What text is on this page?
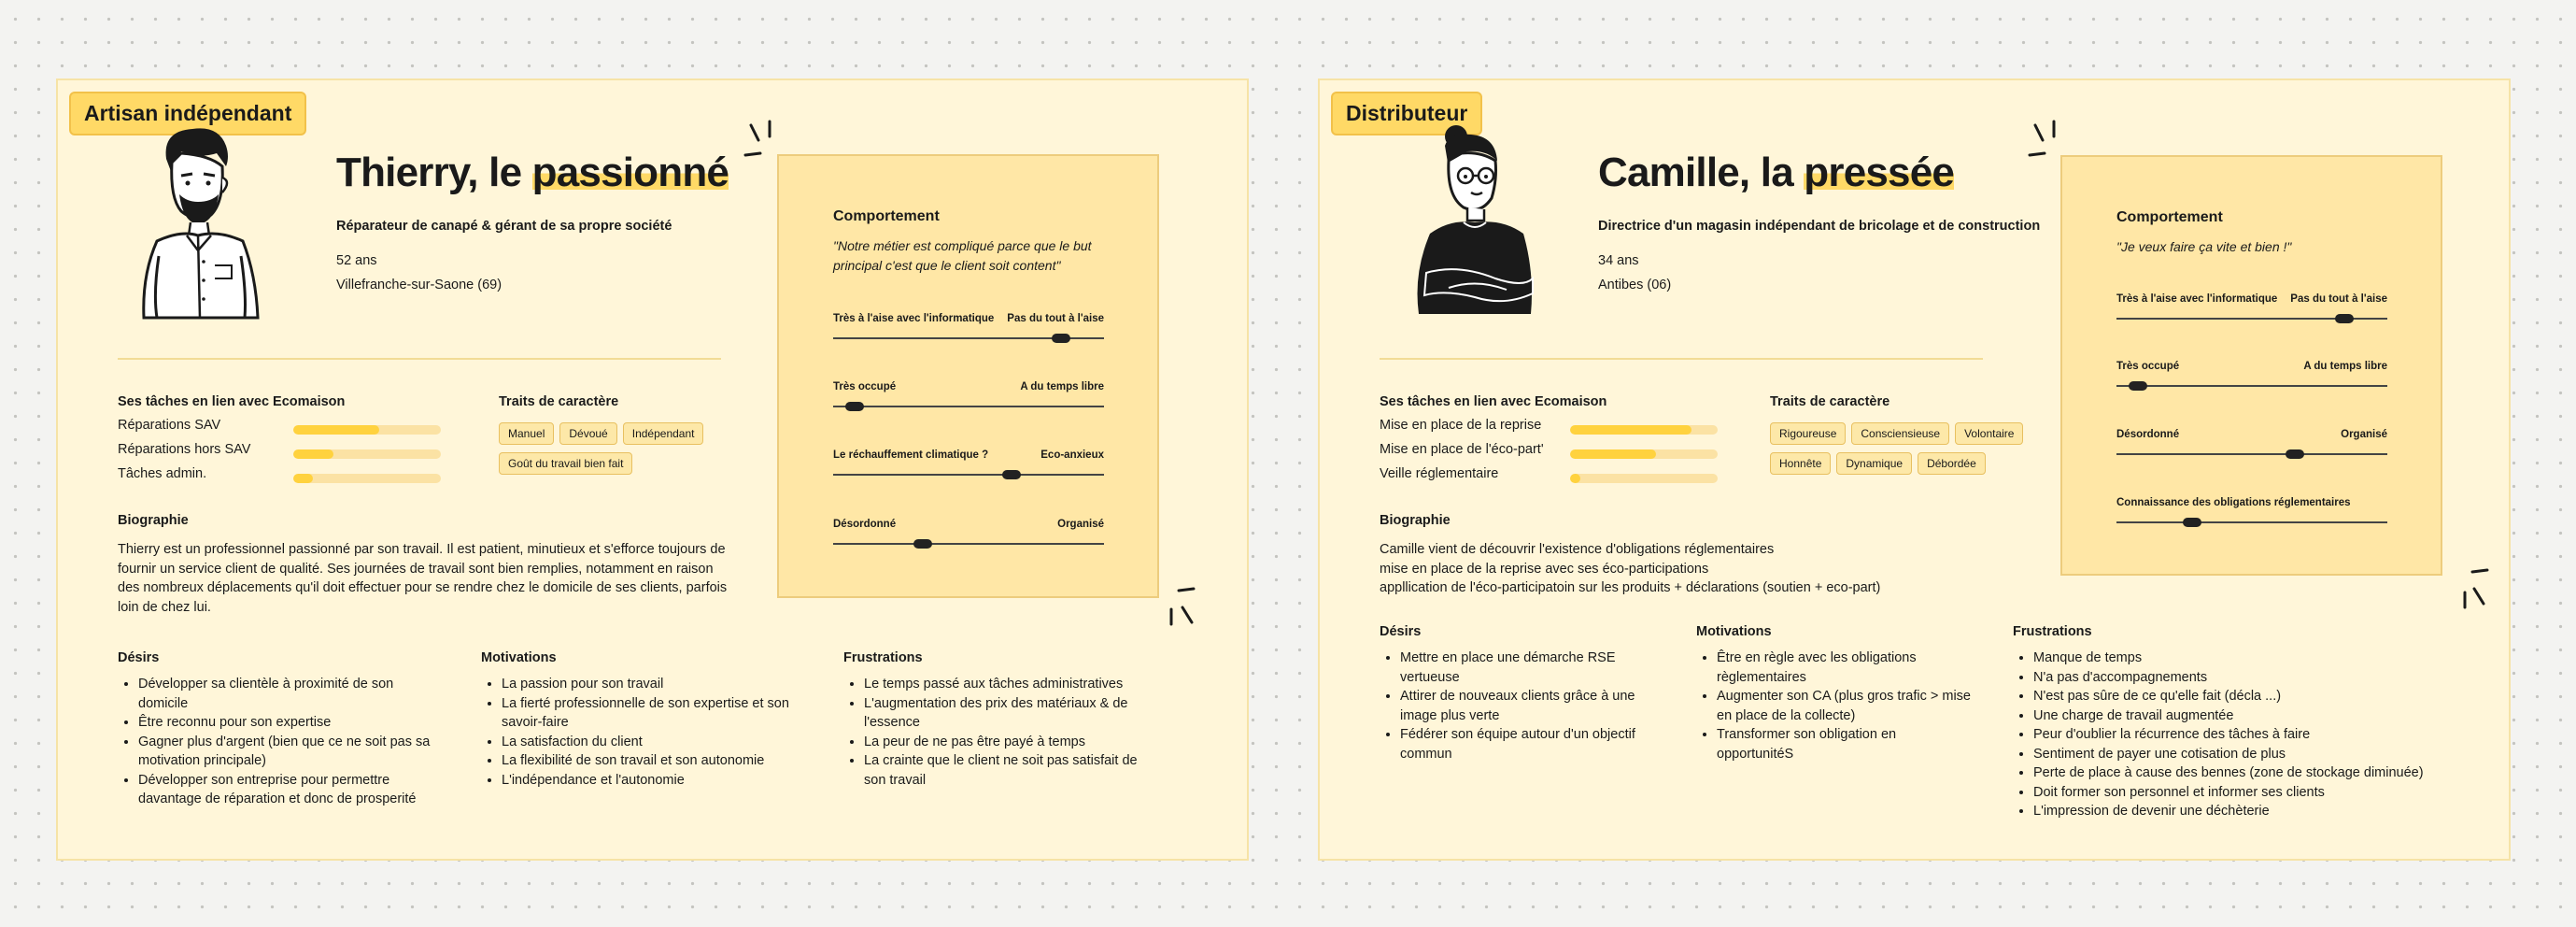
Artisan indépendant
Thierry, le passionné
Réparateur de canapé & gérant de sa propre société
52 ans
Villefranche-sur-Saone (69)
Ses tâches en lien avec Ecomaison
Réparations SAV
Réparations hors SAV
Tâches admin.
Traits de caractère
Manuel Dévoué IndépendantGoût du travail bien fait
Biographie
Thierry est un professionnel passionné par son travail. Il est patient, minutieux et s'efforce toujours de fournir un service client de qualité. Ses journées de travail sont bien remplies, notamment en raison des nombreux déplacements qu'il doit effectuer pour se rendre chez le domicile de ses clients, parfois loin de chez lui.
Désirs
• Développer sa clientèle à proximité de son domicile
• Être reconnu pour son expertise
• Gagner plus d'argent (bien que ce ne soit pas sa motivation principale)
• Développer son entreprise pour permettre davantage de réparation et donc de prosperité
Motivations
• La passion pour son travail
• La fierté professionnelle de son expertise et son savoir-faire
• La satisfaction du client
• La flexibilité de son travail et son autonomie
• L'indépendance et l'autonomie
Frustrations
• Le temps passé aux tâches administratives
• L'augmentation des prix des matériaux & de l'essence
• La peur de ne pas être payé à temps
• La crainte que le client ne soit pas satisfait de son travail
Comportement
"Notre métier est compliqué parce que le but principal c'est que le client soit content"
Très à l'aise avec l'informatique Pas du tout à l'aise
Très occupé	A du temps libre
Le réchauffement climatique ?	Eco-anxieux
Désordonné	Organisé
Distributeur
Camille, la pressée
Directrice d'un magasin indépendant de bricolage et de construction
34 ans
Antibes (06)
Ses tâches en lien avec Ecomaison
Mise en place de la reprise
Mise en place de l'éco-part'
Veille réglementaire
Traits de caractère
Rigoureuse Consciensieuse VolontaireHonnête Dynamique Débordée
Biographie
Camille vient de découvrir l'existence d'obligations réglementaires
mise en place de la reprise avec ses éco-participations
appllication de l'éco-participatoin sur les produits + déclarations (soutien + eco-part)
Désirs
• Mettre en place une démarche RSE vertueuse
• Attirer de nouveaux clients grâce à une image plus verte
• Fédérer son équipe autour d'un objectif commun
Motivations
• Être en règle avec les obligations règlementaires
• Augmenter son CA (plus gros trafic > mise en place de la collecte)
• Transformer son obligation en opportunitéS
Frustrations
• Manque de temps
• N'a pas d'accompagnements
• N'est pas sûre de ce qu'elle fait (décla ...)
• Une charge de travail augmentée
• Peur d'oublier la récurrence des tâches à faire
• Sentiment de payer une cotisation de plus
• Perte de place à cause des bennes (zone de stockage diminuée)
• Doit former son personnel et informer ses clients
• L'impression de devenir une déchèterie
Comportement
"Je veux faire ça vite et bien !"
Très à l'aise avec l'informatique Pas du tout à l'aise
Très occupé	A du temps libre
Désordonné	Organisé
Connaissance des obligations réglementaires
